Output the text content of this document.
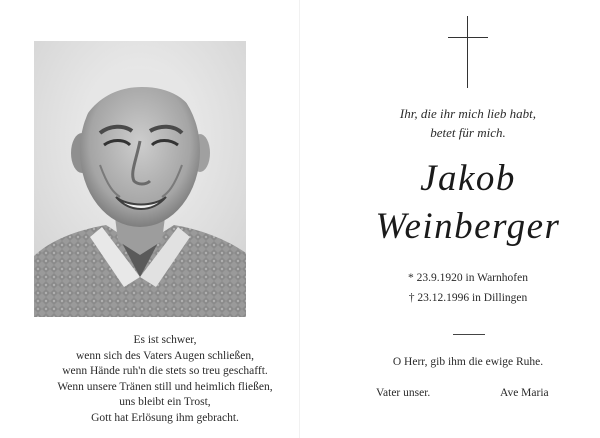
Es ist schwer,
wenn sich des Vaters Augen schließen,
wenn Hände ruh'n die stets so treu geschafft.
Wenn unsere Tränen still und heimlich fließen,
uns bleibt ein Trost,
Gott hat Erlösung ihm gebracht.
Ihr, die ihr mich lieb habt,
betet für mich.
Jakob
Weinberger
* 23.9.1920 in Warnhofen
† 23.12.1996 in Dillingen
O Herr, gib ihm die ewige Ruhe.
Vater unser.	Ave Maria
